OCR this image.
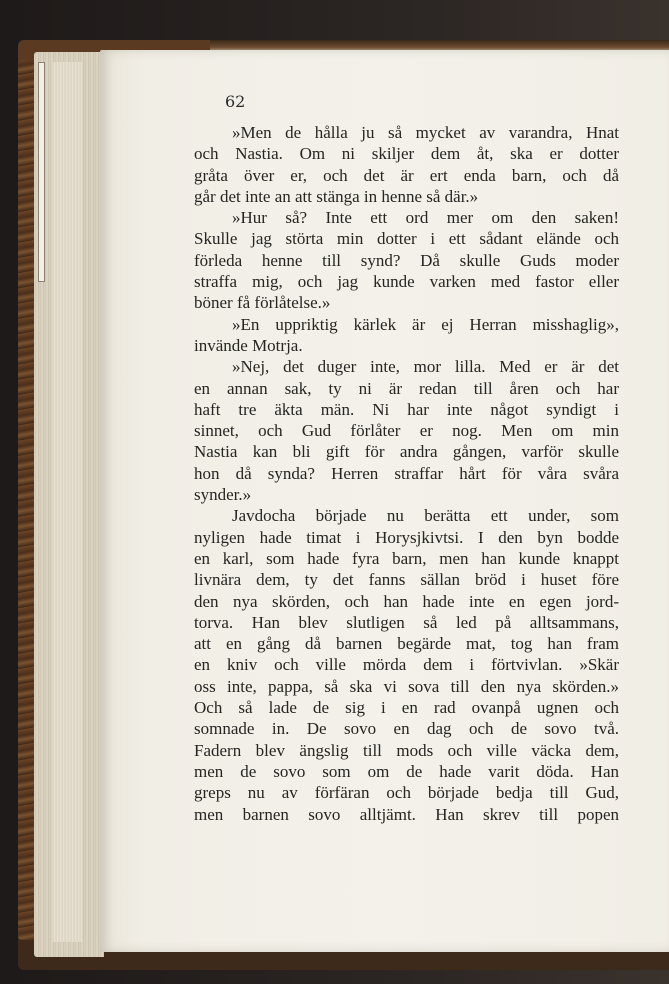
62

»Men de hålla ju så mycket av varandra, Hnat
och Nastia. Om ni skiljer dem åt, ska er dotter
gråta över er, och det är ert enda barn, och då
går det inte an att stänga in henne så där.»
»Hur så? Inte ett ord mer om den saken!
Skulle jag störta min dotter i ett sådant elände och
förleda henne till synd? Då skulle Guds moder
straffa mig, och jag kunde varken med fastor eller
böner få förlåtelse.»
»En uppriktig kärlek är ej Herran misshaglig»,
invände Motrja.
»Nej, det duger inte, mor lilla. Med er är det
en annan sak, ty ni är redan till åren och har
haft tre äkta män. Ni har inte något syndigt i
sinnet, och Gud förlåter er nog. Men om min
Nastia kan bli gift för andra gången, varför skulle
hon då synda? Herren straffar hårt för våra svåra
synder.»
Javdocha började nu berätta ett under, som
nyligen hade timat i Horysjkivtsi. I den byn bodde
en karl, som hade fyra barn, men han kunde knappt
livnära dem, ty det fanns sällan bröd i huset före
den nya skörden, och han hade inte en egen jord-
torva. Han blev slutligen så led på alltsammans,
att en gång då barnen begärde mat, tog han fram
en kniv och ville mörda dem i förtvivlan. »Skär
oss inte, pappa, så ska vi sova till den nya skörden.»
Och så lade de sig i en rad ovanpå ugnen och
somnade in. De sovo en dag och de sovo två.
Fadern blev ängslig till mods och ville väcka dem,
men de sovo som om de hade varit döda. Han
greps nu av förfäran och började bedja till Gud,
men barnen sovo alltjämt. Han skrev till popen
